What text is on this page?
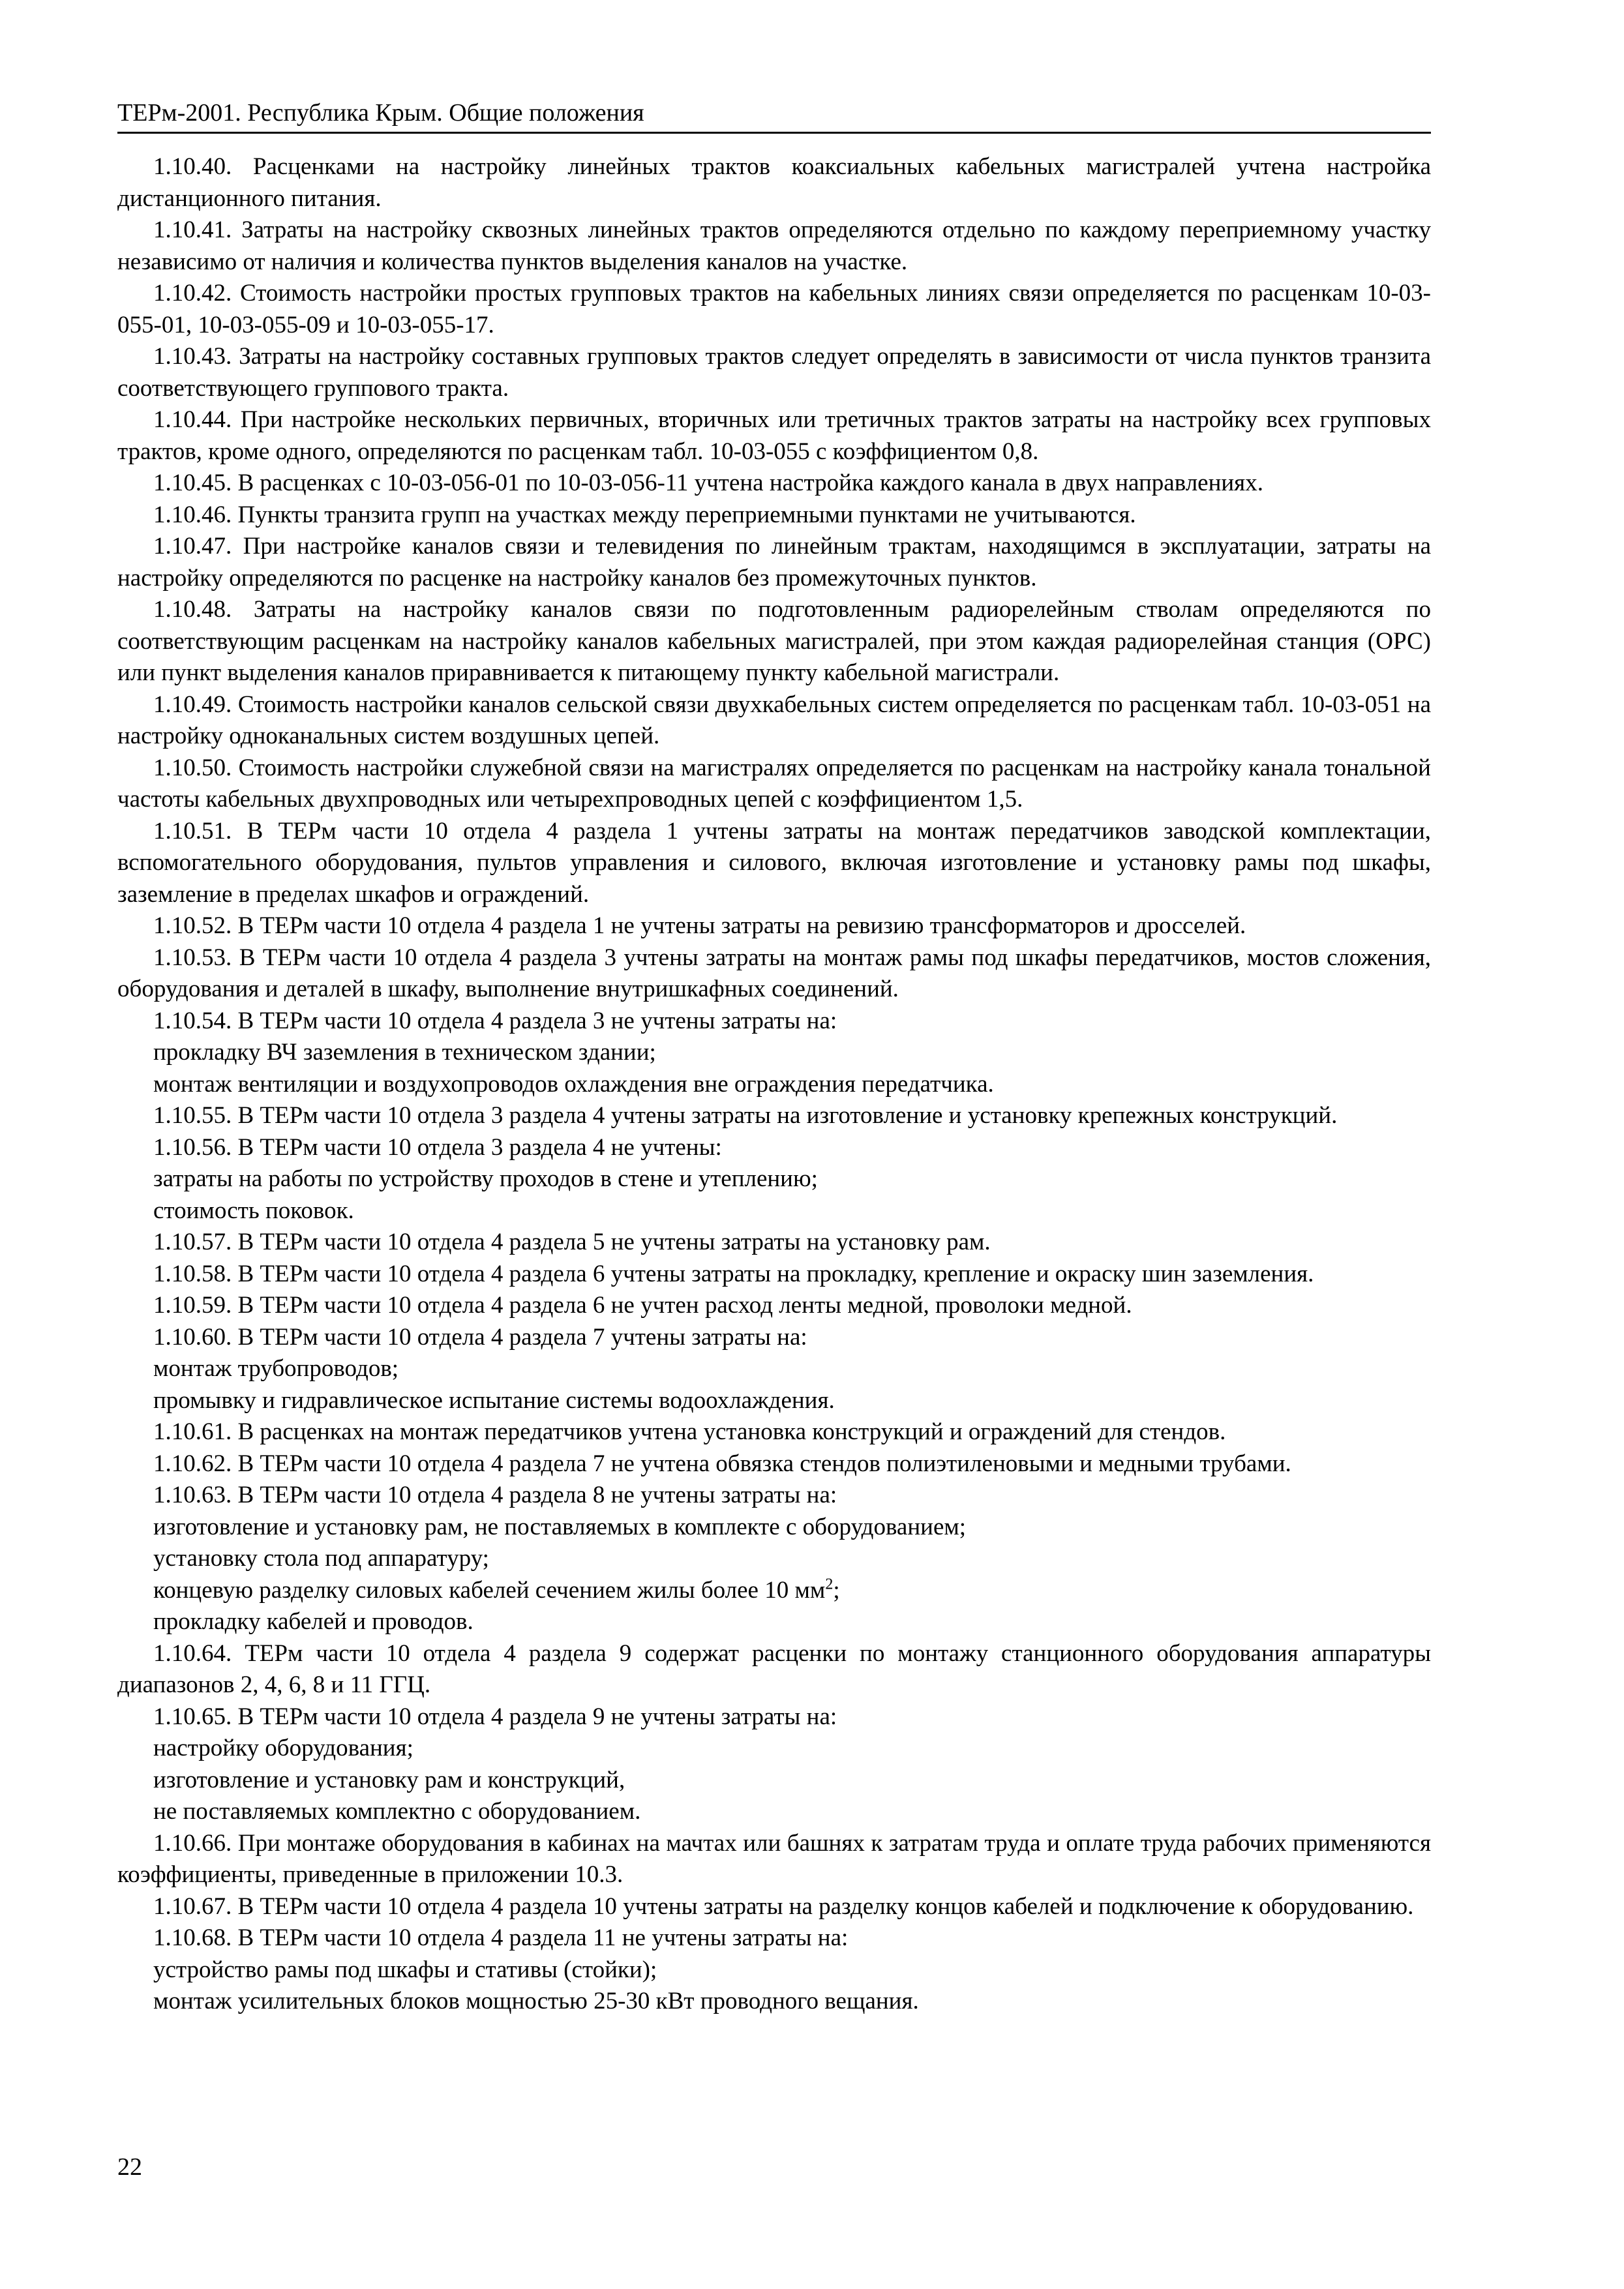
ТЕРм-2001. Республика Крым. Общие положения

1.10.40. Расценками на настройку линейных трактов коаксиальных кабельных магистралей учтена настройка дистанционного питания.

1.10.41. Затраты на настройку сквозных линейных трактов определяются отдельно по каждому переприемному участку независимо от наличия и количества пунктов выделения каналов на участке.

1.10.42. Стоимость настройки простых групповых трактов на кабельных линиях связи определяется по расценкам 10-03-055-01, 10-03-055-09 и 10-03-055-17.

1.10.43. Затраты на настройку составных групповых трактов следует определять в зависимости от числа пунктов транзита соответствующего группового тракта.

1.10.44. При настройке нескольких первичных, вторичных или третичных трактов затраты на настройку всех групповых трактов, кроме одного, определяются по расценкам табл. 10-03-055 с коэффициентом 0,8.

1.10.45. В расценках с 10-03-056-01 по 10-03-056-11 учтена настройка каждого канала в двух направлениях.

1.10.46. Пункты транзита групп на участках между переприемными пунктами не учитываются.

1.10.47. При настройке каналов связи и телевидения по линейным трактам, находящимся в эксплуатации, затраты на настройку определяются по расценке на настройку каналов без промежуточных пунктов.

1.10.48. Затраты на настройку каналов связи по подготовленным радиорелейным стволам определяются по соответствующим расценкам на настройку каналов кабельных магистралей, при этом каждая радиорелейная станция (ОРС) или пункт выделения каналов приравнивается к питающему пункту кабельной магистрали.

1.10.49. Стоимость настройки каналов сельской связи двухкабельных систем определяется по расценкам табл. 10-03-051 на настройку одноканальных систем воздушных цепей.

1.10.50. Стоимость настройки служебной связи на магистралях определяется по расценкам на настройку канала тональной частоты кабельных двухпроводных или четырехпроводных цепей с коэффициентом 1,5.

1.10.51. В ТЕРм части 10 отдела 4 раздела 1 учтены затраты на монтаж передатчиков заводской комплектации, вспомогательного оборудования, пультов управления и силового, включая изготовление и установку рамы под шкафы, заземление в пределах шкафов и ограждений.

1.10.52. В ТЕРм части 10 отдела 4 раздела 1 не учтены затраты на ревизию трансформаторов и дросселей.

1.10.53. В ТЕРм части 10 отдела 4 раздела 3 учтены затраты на монтаж рамы под шкафы передатчиков, мостов сложения, оборудования и деталей в шкафу, выполнение внутришкафных соединений.

1.10.54. В ТЕРм части 10 отдела 4 раздела 3 не учтены затраты на:

прокладку ВЧ заземления в техническом здании;

монтаж вентиляции и воздухопроводов охлаждения вне ограждения передатчика.

1.10.55. В ТЕРм части 10 отдела 3 раздела 4 учтены затраты на изготовление и установку крепежных конструкций.

1.10.56. В ТЕРм части 10 отдела 3 раздела 4 не учтены:

затраты на работы по устройству проходов в стене и утеплению;

стоимость поковок.

1.10.57. В ТЕРм части 10 отдела 4 раздела 5 не учтены затраты на установку рам.

1.10.58. В ТЕРм части 10 отдела 4 раздела 6 учтены затраты на прокладку, крепление и окраску шин заземления.

1.10.59. В ТЕРм части 10 отдела 4 раздела 6 не учтен расход ленты медной, проволоки медной.

1.10.60. В ТЕРм части 10 отдела 4 раздела 7 учтены затраты на:

монтаж трубопроводов;

промывку и гидравлическое испытание системы водоохлаждения.

1.10.61. В расценках на монтаж передатчиков учтена установка конструкций и ограждений для стендов.

1.10.62. В ТЕРм части 10 отдела 4 раздела 7 не учтена обвязка стендов полиэтиленовыми и медными трубами.

1.10.63. В ТЕРм части 10 отдела 4 раздела 8 не учтены затраты на:

изготовление и установку рам, не поставляемых в комплекте с оборудованием;

установку стола под аппаратуру;

концевую разделку силовых кабелей сечением жилы более 10 $мм^2$;

прокладку кабелей и проводов.

1.10.64. ТЕРм части 10 отдела 4 раздела 9 содержат расценки по монтажу станционного оборудования аппаратуры диапазонов 2, 4, 6, 8 и 11 ГГЦ.

1.10.65. В ТЕРм части 10 отдела 4 раздела 9 не учтены затраты на:

настройку оборудования;

изготовление и установку рам и конструкций,

не поставляемых комплектно с оборудованием.

1.10.66. При монтаже оборудования в кабинах на мачтах или башнях к затратам труда и оплате труда рабочих применяются коэффициенты, приведенные в приложении 10.3.

1.10.67. В ТЕРм части 10 отдела 4 раздела 10 учтены затраты на разделку концов кабелей и подключение к оборудованию.

1.10.68. В ТЕРм части 10 отдела 4 раздела 11 не учтены затраты на:

устройство рамы под шкафы и стативы (стойки);

монтаж усилительных блоков мощностью 25-30 кВт проводного вещания.

22
